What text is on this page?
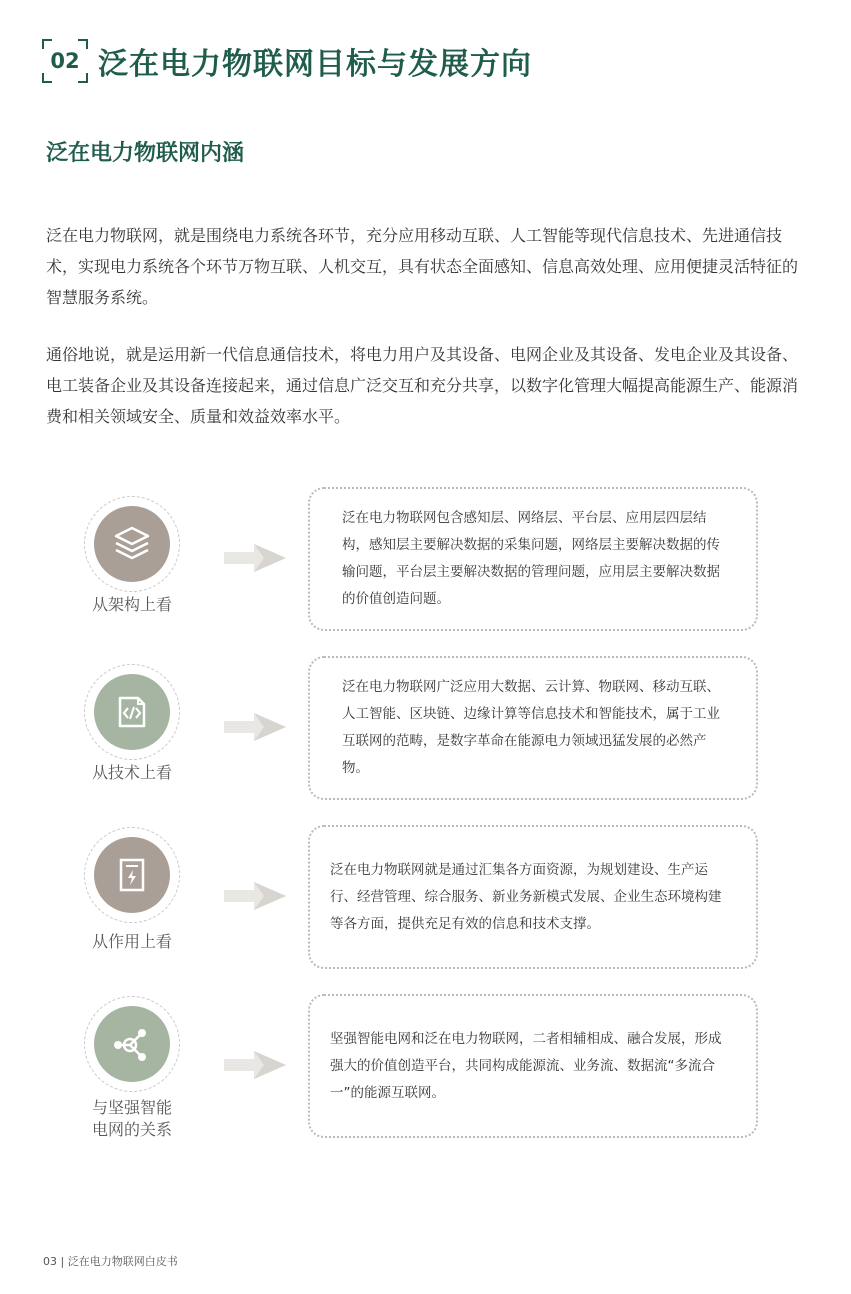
02 泛在电力物联网目标与发展方向
泛在电力物联网内涵
泛在电力物联网，就是围绕电力系统各环节，充分应用移动互联、人工智能等现代信息技术、先进通信技术，实现电力系统各个环节万物互联、人机交互，具有状态全面感知、信息高效处理、应用便捷灵活特征的智慧服务系统。
通俗地说，就是运用新一代信息通信技术，将电力用户及其设备、电网企业及其设备、发电企业及其设备、电工装备企业及其设备连接起来，通过信息广泛交互和充分共享，以数字化管理大幅提高能源生产、能源消费和相关领域安全、质量和效益效率水平。
从架构上看
泛在电力物联网包含感知层、网络层、平台层、应用层四层结构，感知层主要解决数据的采集问题，网络层主要解决数据的传输问题，平台层主要解决数据的管理问题，应用层主要解决数据的价值创造问题。
从技术上看
泛在电力物联网广泛应用大数据、云计算、物联网、移动互联、人工智能、区块链、边缘计算等信息技术和智能技术，属于工业互联网的范畴，是数字革命在能源电力领域迅猛发展的必然产物。
从作用上看
泛在电力物联网就是通过汇集各方面资源，为规划建设、生产运行、经营管理、综合服务、新业务新模式发展、企业生态环境构建等各方面，提供充足有效的信息和技术支撑。
与坚强智能
电网的关系
坚强智能电网和泛在电力物联网，二者相辅相成、融合发展，形成强大的价值创造平台，共同构成能源流、业务流、数据流“多流合一”的能源互联网。
03 | 泛在电力物联网白皮书
